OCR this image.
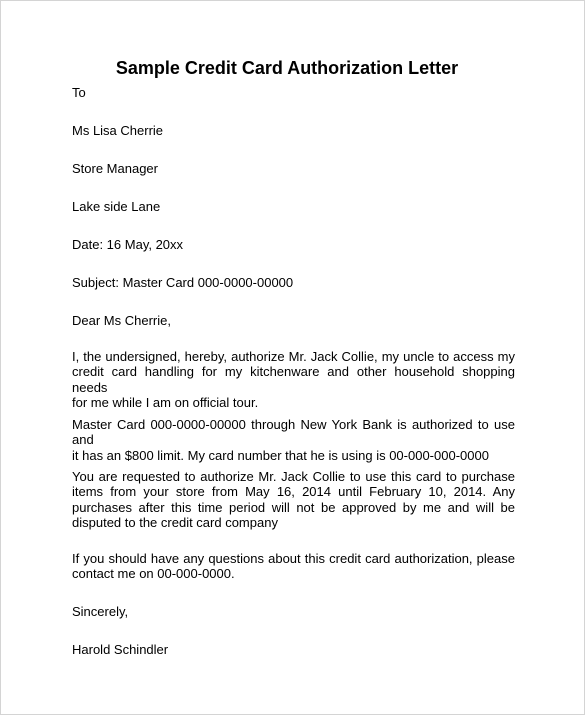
Sample Credit Card Authorization Letter
To
Ms Lisa Cherrie
Store Manager
Lake side Lane
Date: 16 May, 20xx
Subject: Master Card 000-0000-00000
Dear Ms Cherrie,
I, the undersigned, hereby, authorize Mr. Jack Collie, my uncle to access my
credit card handling for my kitchenware and other household shopping needs
for me while I am on official tour.
Master Card 000-0000-00000 through New York Bank is authorized to use and
it has an $800 limit. My card number that he is using is 00-000-000-0000
You are requested to authorize Mr. Jack Collie to use this card to purchase
items from your store from May 16, 2014 until February 10, 2014. Any
purchases after this time period will not be approved by me and will be
disputed to the credit card company
If you should have any questions about this credit card authorization, please
contact me on 00-000-0000.
Sincerely,
Harold Schindler
